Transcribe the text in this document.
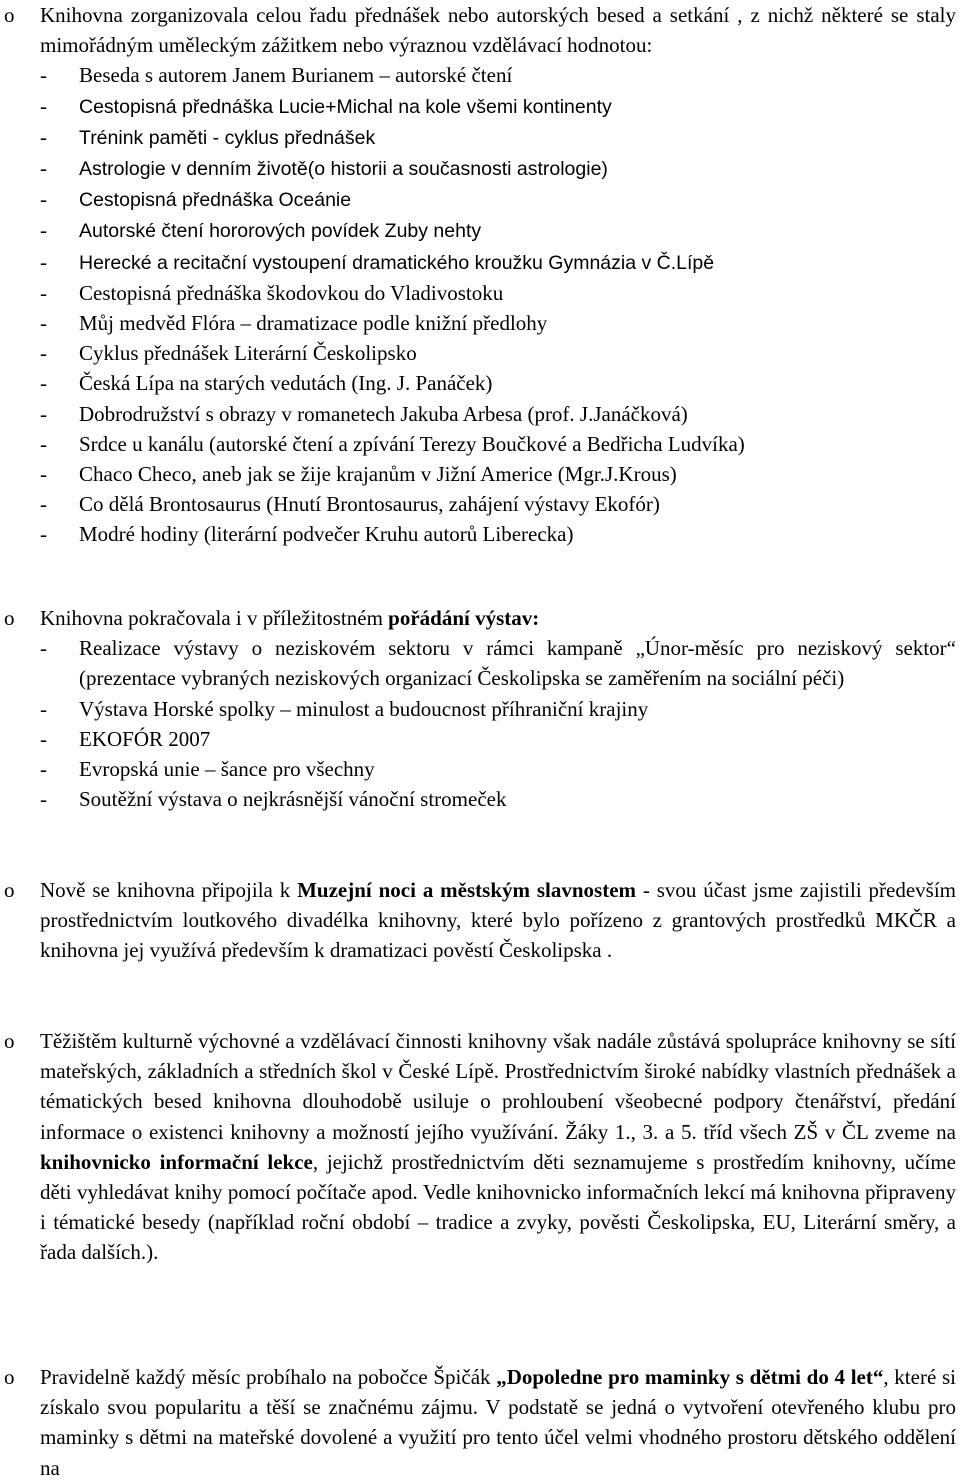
o Knihovna zorganizovala celou řadu přednášek nebo autorských besed a setkání , z nichž některé se staly mimořádným uměleckým zážitkem nebo výraznou vzdělávací hodnotou:

- Beseda s autorem Janem Burianem – autorské čtení
- Cestopisná přednáška Lucie+Michal na kole všemi kontinenty
- Trénink paměti - cyklus přednášek
- Astrologie v denním životě(o historii a současnosti astrologie)
- Cestopisná přednáška Oceánie
- Autorské čtení hororových povídek Zuby nehty
- Herecké a recitační vystoupení dramatického kroužku Gymnázia v Č.Lípě
- Cestopisná přednáška škodovkou do Vladivostoku
- Můj medvěd Flóra – dramatizace podle knižní předlohy
- Cyklus přednášek Literární Českolipsko
- Česká Lípa na starých vedutách (Ing. J. Panáček)
- Dobrodružství s obrazy v romanetech Jakuba Arbesa (prof. J.Janáčková)
- Srdce u kanálu (autorské čtení a zpívání Terezy Boučkové a Bedřicha Ludvíka)
- Chaco Checo, aneb jak se žije krajanům v Jižní Americe (Mgr.J.Krous)
- Co dělá Brontosaurus (Hnutí Brontosaurus, zahájení výstavy Ekofór)
- Modré hodiny (literární podvečer Kruhu autorů Liberecka)
o Knihovna pokračovala i v příležitostném pořádání výstav:

- Realizace výstavy o neziskovém sektoru v rámci kampaně „Únor-měsíc pro neziskový sektor“ (prezentace vybraných neziskových organizací Českolipska se zaměřením na sociální péči)
- Výstava Horské spolky – minulost a budoucnost příhraniční krajiny
- EKOFÓR 2007
- Evropská unie – šance pro všechny
- Soutěžní výstava o nejkrásnější vánoční stromeček
o Nově se knihovna připojila k Muzejní noci a městským slavnostem - svou účast jsme zajistili především prostřednictvím loutkového divadélka knihovny, které bylo pořízeno z grantových prostředků MKČR a knihovna jej využívá především k dramatizaci pověstí Českolipska .

o Těžištěm kulturně výchovné a vzdělávací činnosti knihovny však nadále zůstává spolupráce knihovny se sítí mateřských, základních a středních škol v České Lípě. Prostřednictvím široké nabídky vlastních přednášek a tématických besed knihovna dlouhodobě usiluje o prohloubení všeobecné podpory čtenářství, předání informace o existenci knihovny a možností jejího využívání. Žáky 1., 3. a 5. tříd všech ZŠ v ČL zveme na knihovnicko informační lekce, jejichž prostřednictvím děti seznamujeme s prostředím knihovny, učíme děti vyhledávat knihy pomocí počítače apod. Vedle knihovnicko informačních lekcí má knihovna připraveny i tématické besedy (například roční období – tradice a zvyky, pověsti Českolipska, EU, Literární směry, a řada dalších.).

o Pravidelně každý měsíc probíhalo na pobočce Špičák „Dopoledne pro maminky s dětmi do 4 let“, které si získalo svou popularitu a těší se značnému zájmu. V podstatě se jedná o vytvoření otevřeného klubu pro maminky s dětmi na mateřské dovolené a využití pro tento účel velmi vhodného prostoru dětského oddělení na
